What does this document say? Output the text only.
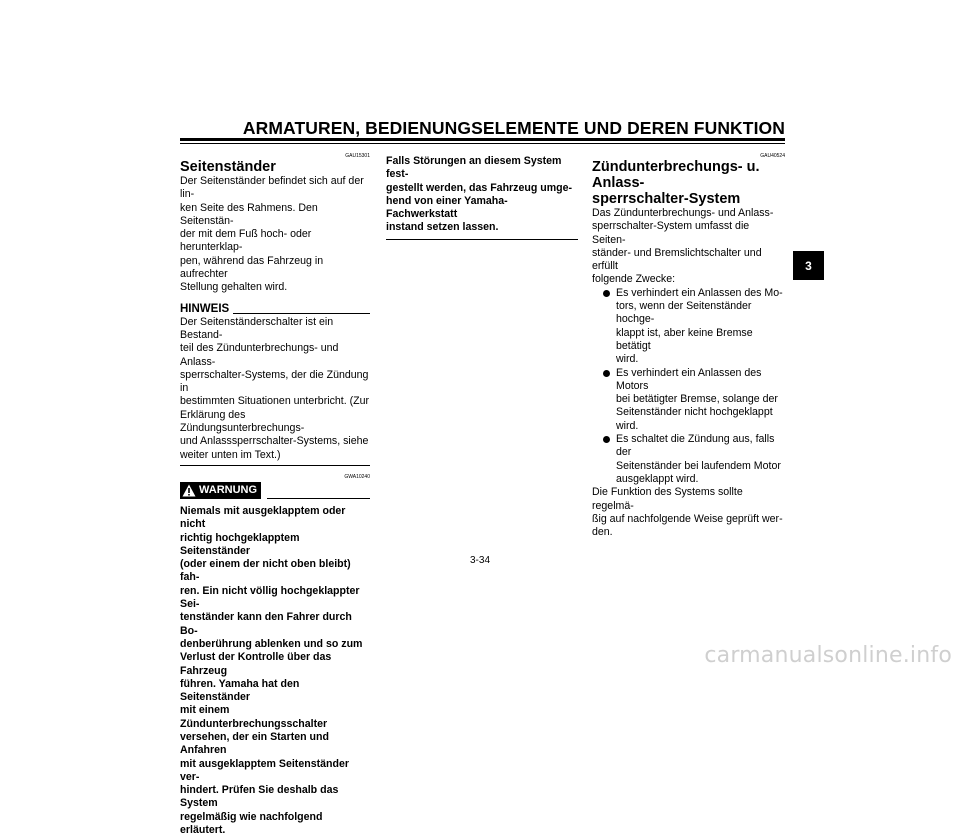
ARMATUREN, BEDIENUNGSELEMENTE UND DEREN FUNKTION
GAU15301
Seitenständer
Der Seitenständer befindet sich auf der lin-
ken Seite des Rahmens. Den Seitenstän-
der mit dem Fuß hoch- oder herunterklap-
pen, während das Fahrzeug in aufrechter
Stellung gehalten wird.
HINWEIS
Der Seitenständerschalter ist ein Bestand-
teil des Zündunterbrechungs- und Anlass-
sperrschalter-Systems, der die Zündung in
bestimmten Situationen unterbricht. (Zur
Erklärung des Zündungsunterbrechungs-
und Anlasssperrschalter-Systems, siehe
weiter unten im Text.)
GWA10240
WARNUNG
Niemals mit ausgeklapptem oder nicht
richtig hochgeklapptem Seitenständer
(oder einem der nicht oben bleibt) fah-
ren. Ein nicht völlig hochgeklappter Sei-
tenständer kann den Fahrer durch Bo-
denberührung ablenken und so zum
Verlust der Kontrolle über das Fahrzeug
führen. Yamaha hat den Seitenständer
mit einem Zündunterbrechungsschalter
versehen, der ein Starten und Anfahren
mit ausgeklapptem Seitenständer ver-
hindert. Prüfen Sie deshalb das System
regelmäßig wie nachfolgend erläutert.
Falls Störungen an diesem System fest-
gestellt werden, das Fahrzeug umge-
hend von einer Yamaha-Fachwerkstatt
instand setzen lassen.
GAU40524
Zündunterbrechungs- u. Anlass-
sperrschalter-System
Das Zündunterbrechungs- und Anlass-
sperrschalter-System umfasst die Seiten-
ständer- und Bremslichtschalter und erfüllt
folgende Zwecke:
Es verhindert ein Anlassen des Mo-
tors, wenn der Seitenständer hochge-
klappt ist, aber keine Bremse betätigt
wird.
Es verhindert ein Anlassen des Motors
bei betätigter Bremse, solange der
Seitenständer nicht hochgeklappt
wird.
Es schaltet die Zündung aus, falls der
Seitenständer bei laufendem Motor
ausgeklappt wird.
Die Funktion des Systems sollte regelmä-
ßig auf nachfolgende Weise geprüft wer-
den.
3
3-34
carmanualsonline.info
